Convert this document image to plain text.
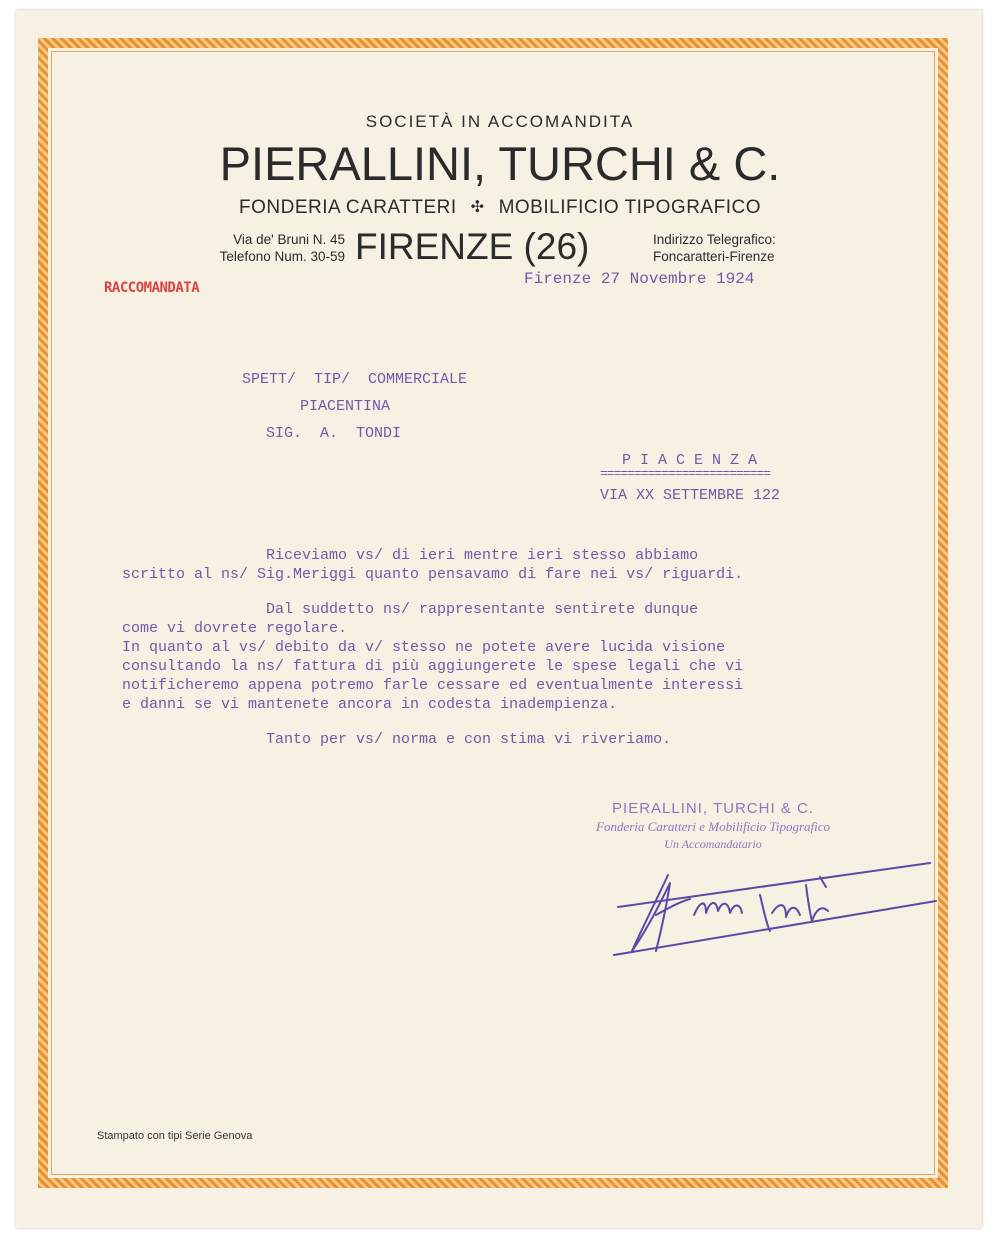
SOCIETÀ IN ACCOMANDITA
PIERALLINI, TURCHI & C.
FONDERIA CARATTERI ✣ MOBILIFICIO TIPOGRAFICO
Via de' Bruni N. 45
Telefono Num. 30-59 FIRENZE (26)	Indirizzo Telegrafico:
Foncaratteri-Firenze
RACCOMANDATA	Firenze 27 Novembre 1924
SPETT/  TIP/  COMMERCIALE
PIACENTINA
SIG.  A.  TONDI
P I A C E N Z A
=========================
VIA XX SETTEMBRE 122

Riceviamo vs/ di ieri mentre ieri stesso abbiamo

scritto al ns/ Sig.Meriggi quanto pensavamo di fare nei vs/ riguardi.

Dal suddetto ns/ rappresentante sentirete dunque

come vi dovrete regolare.

In quanto al vs/ debito da v/ stesso ne potete avere lucida visione

consultando la ns/ fattura di più aggiungerete le spese legali che vi

notificheremo appena potremo farle cessare ed eventualmente interessi

e danni se vi mantenete ancora in codesta inadempienza.

Tanto per vs/ norma e con stima vi riveriamo.

PIERALLINI, TURCHI & C.
Fonderia Caratteri e Mobilificio Tipografico
Un Accomandatario
Stampato con tipi Serie Genova
